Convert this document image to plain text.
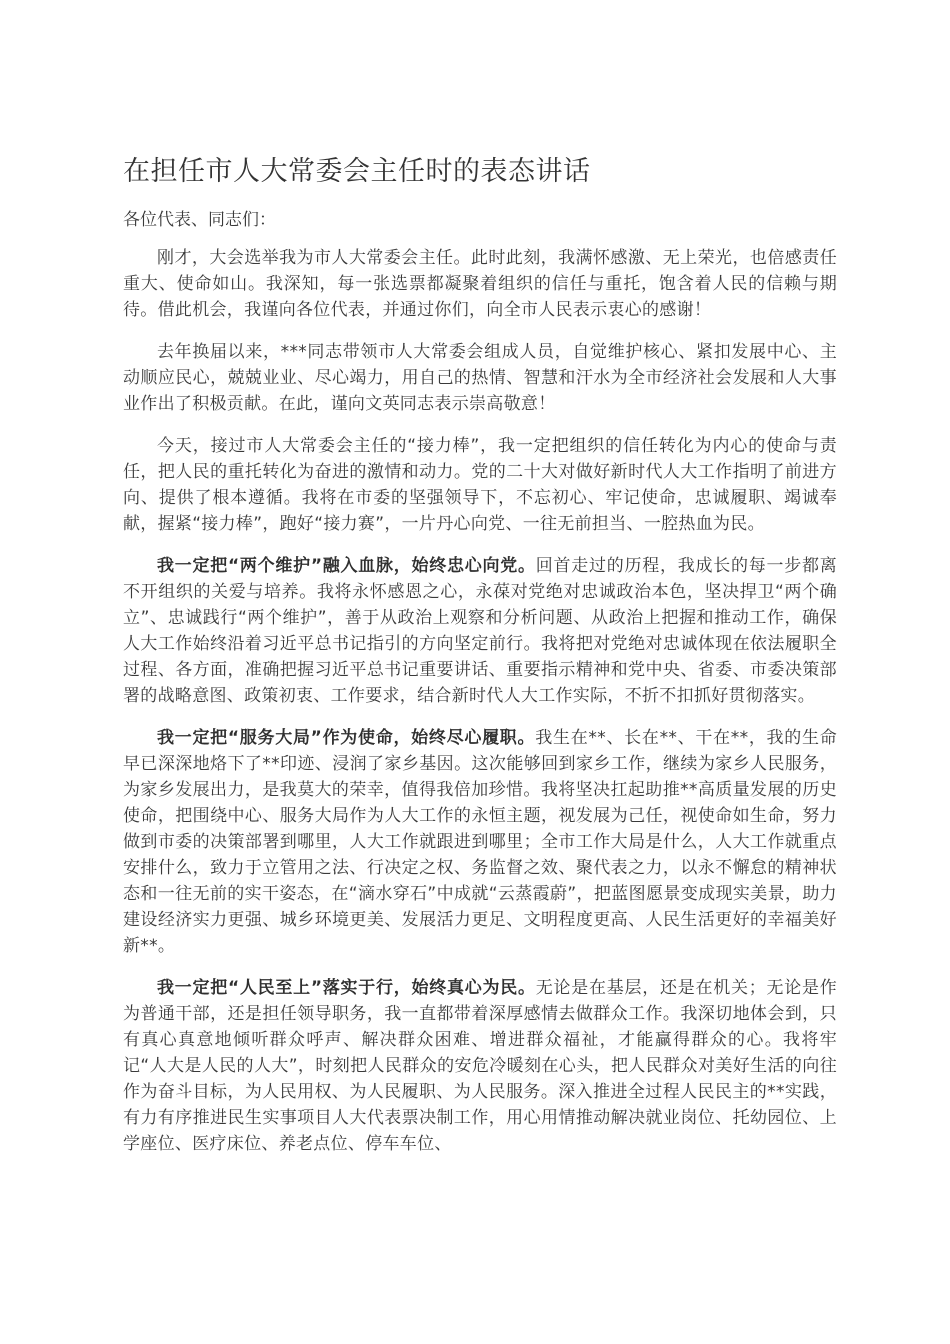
在担任市人大常委会主任时的表态讲话

各位代表、同志们：

刚才，大会选举我为市人大常委会主任。此时此刻，我满怀感激、无上荣光，也倍感责任重大、使命如山。我深知，每一张选票都凝聚着组织的信任与重托，饱含着人民的信赖与期待。借此机会，我谨向各位代表，并通过你们，向全市人民表示衷心的感谢！

去年换届以来，***同志带领市人大常委会组成人员，自觉维护核心、紧扣发展中心、主动顺应民心，兢兢业业、尽心竭力，用自己的热情、智慧和汗水为全市经济社会发展和人大事业作出了积极贡献。在此，谨向文英同志表示崇高敬意！

今天，接过市人大常委会主任的“接力棒”，我一定把组织的信任转化为内心的使命与责任，把人民的重托转化为奋进的激情和动力。党的二十大对做好新时代人大工作指明了前进方向、提供了根本遵循。我将在市委的坚强领导下，不忘初心、牢记使命，忠诚履职、竭诚奉献，握紧“接力棒”，跑好“接力赛”，一片丹心向党、一往无前担当、一腔热血为民。

我一定把“两个维护”融入血脉，始终忠心向党。回首走过的历程，我成长的每一步都离不开组织的关爱与培养。我将永怀感恩之心，永葆对党绝对忠诚政治本色，坚决捍卫“两个确立”、忠诚践行“两个维护”，善于从政治上观察和分析问题、从政治上把握和推动工作，确保人大工作始终沿着习近平总书记指引的方向坚定前行。我将把对党绝对忠诚体现在依法履职全过程、各方面，准确把握习近平总书记重要讲话、重要指示精神和党中央、省委、市委决策部署的战略意图、政策初衷、工作要求，结合新时代人大工作实际，不折不扣抓好贯彻落实。

我一定把“服务大局”作为使命，始终尽心履职。我生在**、长在**、干在**，我的生命早已深深地烙下了**印迹、浸润了家乡基因。这次能够回到家乡工作，继续为家乡人民服务，为家乡发展出力，是我莫大的荣幸，值得我倍加珍惜。我将坚决扛起助推**高质量发展的历史使命，把围绕中心、服务大局作为人大工作的永恒主题，视发展为己任，视使命如生命，努力做到市委的决策部署到哪里，人大工作就跟进到哪里；全市工作大局是什么，人大工作就重点安排什么，致力于立管用之法、行决定之权、务监督之效、聚代表之力，以永不懈怠的精神状态和一往无前的实干姿态，在“滴水穿石”中成就“云蒸霞蔚”，把蓝图愿景变成现实美景，助力建设经济实力更强、城乡环境更美、发展活力更足、文明程度更高、人民生活更好的幸福美好新**。

我一定把“人民至上”落实于行，始终真心为民。无论是在基层，还是在机关；无论是作为普通干部，还是担任领导职务，我一直都带着深厚感情去做群众工作。我深切地体会到，只有真心真意地倾听群众呼声、解决群众困难、增进群众福祉，才能赢得群众的心。我将牢记“人大是人民的人大”，时刻把人民群众的安危冷暖刻在心头，把人民群众对美好生活的向往作为奋斗目标，为人民用权、为人民履职、为人民服务。深入推进全过程人民民主的**实践，有力有序推进民生实事项目人大代表票决制工作，用心用情推动解决就业岗位、托幼园位、上学座位、医疗床位、养老点位、停车车位、
